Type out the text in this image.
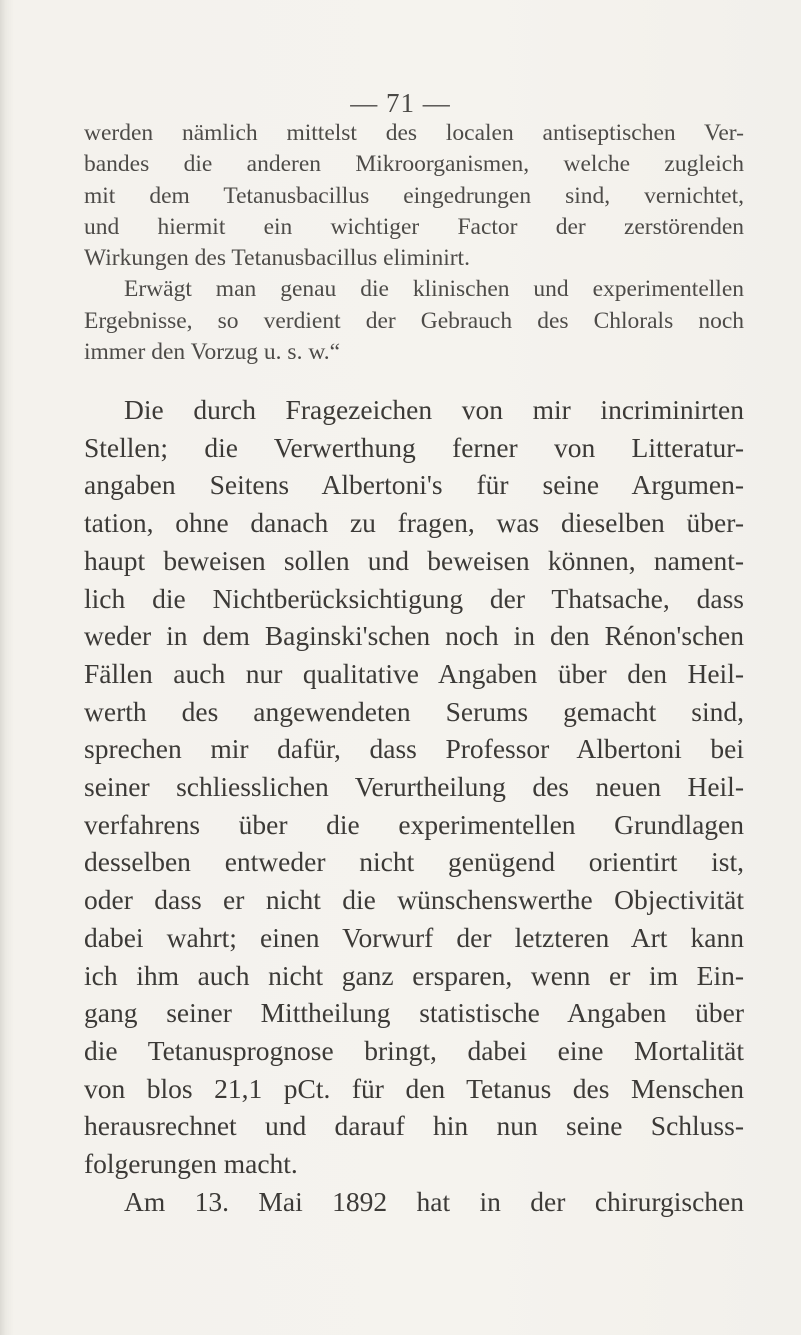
— 71 —
werden nämlich mittelst des localen antiseptischen Ver-
bandes die anderen Mikroorganismen, welche zugleich
mit dem Tetanusbacillus eingedrungen sind, vernichtet,
und hiermit ein wichtiger Factor der zerstörenden
Wirkungen des Tetanusbacillus eliminirt.
Erwägt man genau die klinischen und experimentellen
Ergebnisse, so verdient der Gebrauch des Chlorals noch
immer den Vorzug u. s. w.“
Die durch Fragezeichen von mir incriminirten
Stellen; die Verwerthung ferner von Litteratur-
angaben Seitens Albertoni's für seine Argumen-
tation, ohne danach zu fragen, was dieselben über-
haupt beweisen sollen und beweisen können, nament-
lich die Nichtberücksichtigung der Thatsache, dass
weder in dem Baginski'schen noch in den Rénon'schen
Fällen auch nur qualitative Angaben über den Heil-
werth des angewendeten Serums gemacht sind,
sprechen mir dafür, dass Professor Albertoni bei
seiner schliesslichen Verurtheilung des neuen Heil-
verfahrens über die experimentellen Grundlagen
desselben entweder nicht genügend orientirt ist,
oder dass er nicht die wünschenswerthe Objectivität
dabei wahrt; einen Vorwurf der letzteren Art kann
ich ihm auch nicht ganz ersparen, wenn er im Ein-
gang seiner Mittheilung statistische Angaben über
die Tetanusprognose bringt, dabei eine Mortalität
von blos 21,1 pCt. für den Tetanus des Menschen
herausrechnet und darauf hin nun seine Schluss-
folgerungen macht.
Am 13. Mai 1892 hat in der chirurgischen
